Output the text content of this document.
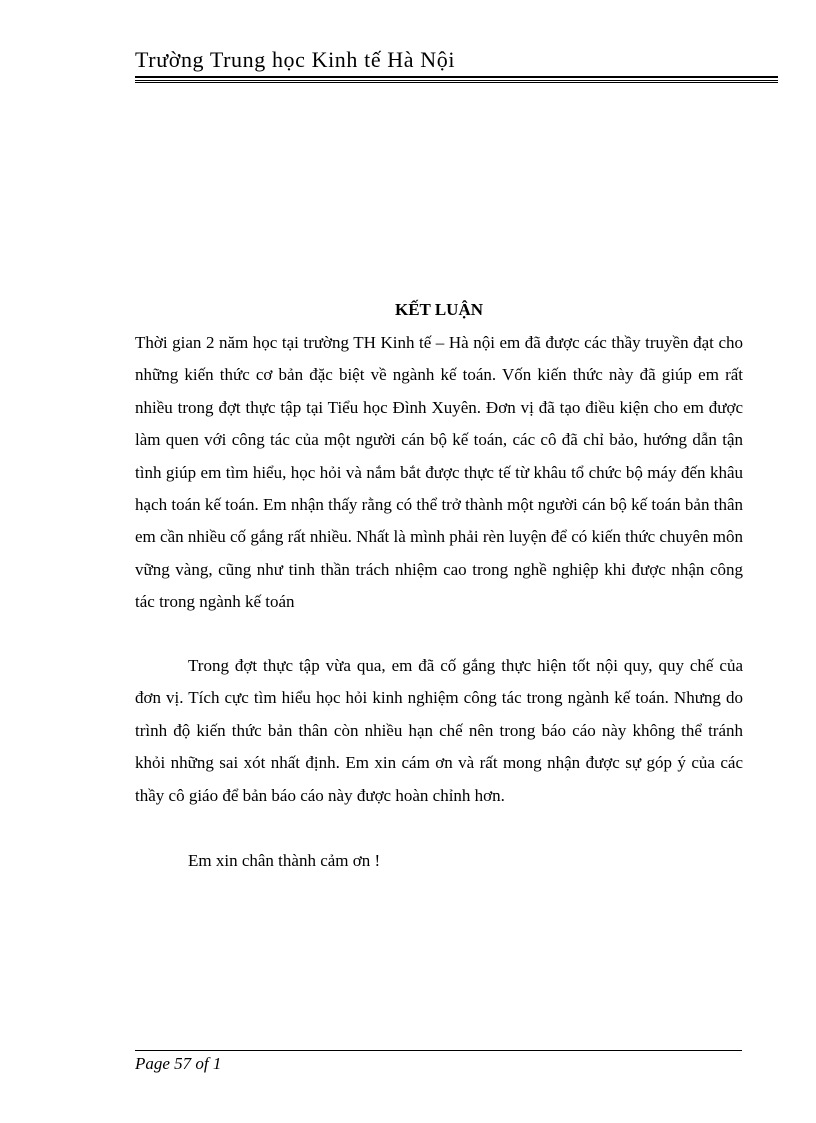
Trường Trung học Kinh tế Hà Nội
KẾT LUẬN
Thời gian 2 năm học tại trường TH Kinh tế – Hà nội em đã được các thầy truyền đạt cho những kiến thức cơ bản đặc biệt về ngành kế toán. Vốn kiến thức này đã giúp em rất nhiều trong đợt thực tập tại Tiểu học Đình Xuyên. Đơn vị đã tạo điều kiện cho em được làm quen với công tác của một người cán bộ kế toán, các cô đã chỉ bảo, hướng dẫn tận tình giúp em tìm hiểu, học hỏi và nắm bắt được thực tế từ khâu tổ chức bộ máy đến khâu hạch toán kế toán. Em nhận thấy rằng có thể trở thành một người cán bộ kế toán bản thân em cần nhiều cố gắng rất nhiều. Nhất là mình phải rèn luyện để có kiến thức chuyên môn vững vàng, cũng như tinh thần trách nhiệm cao trong nghề nghiệp khi được nhận công tác trong ngành kế toán
Trong đợt thực tập vừa qua, em đã cố gắng thực hiện tốt nội quy, quy chế của đơn vị. Tích cực tìm hiểu học hỏi kinh nghiệm công tác trong ngành kế toán. Nhưng do trình độ kiến thức bản thân còn nhiều hạn chế nên trong báo cáo này không thể tránh khỏi những sai xót nhất định. Em xin cám ơn và rất mong nhận được sự góp ý của các thầy cô giáo để bản báo cáo này được hoàn chỉnh hơn.
Em xin chân thành cảm ơn !
Page 57 of 1
